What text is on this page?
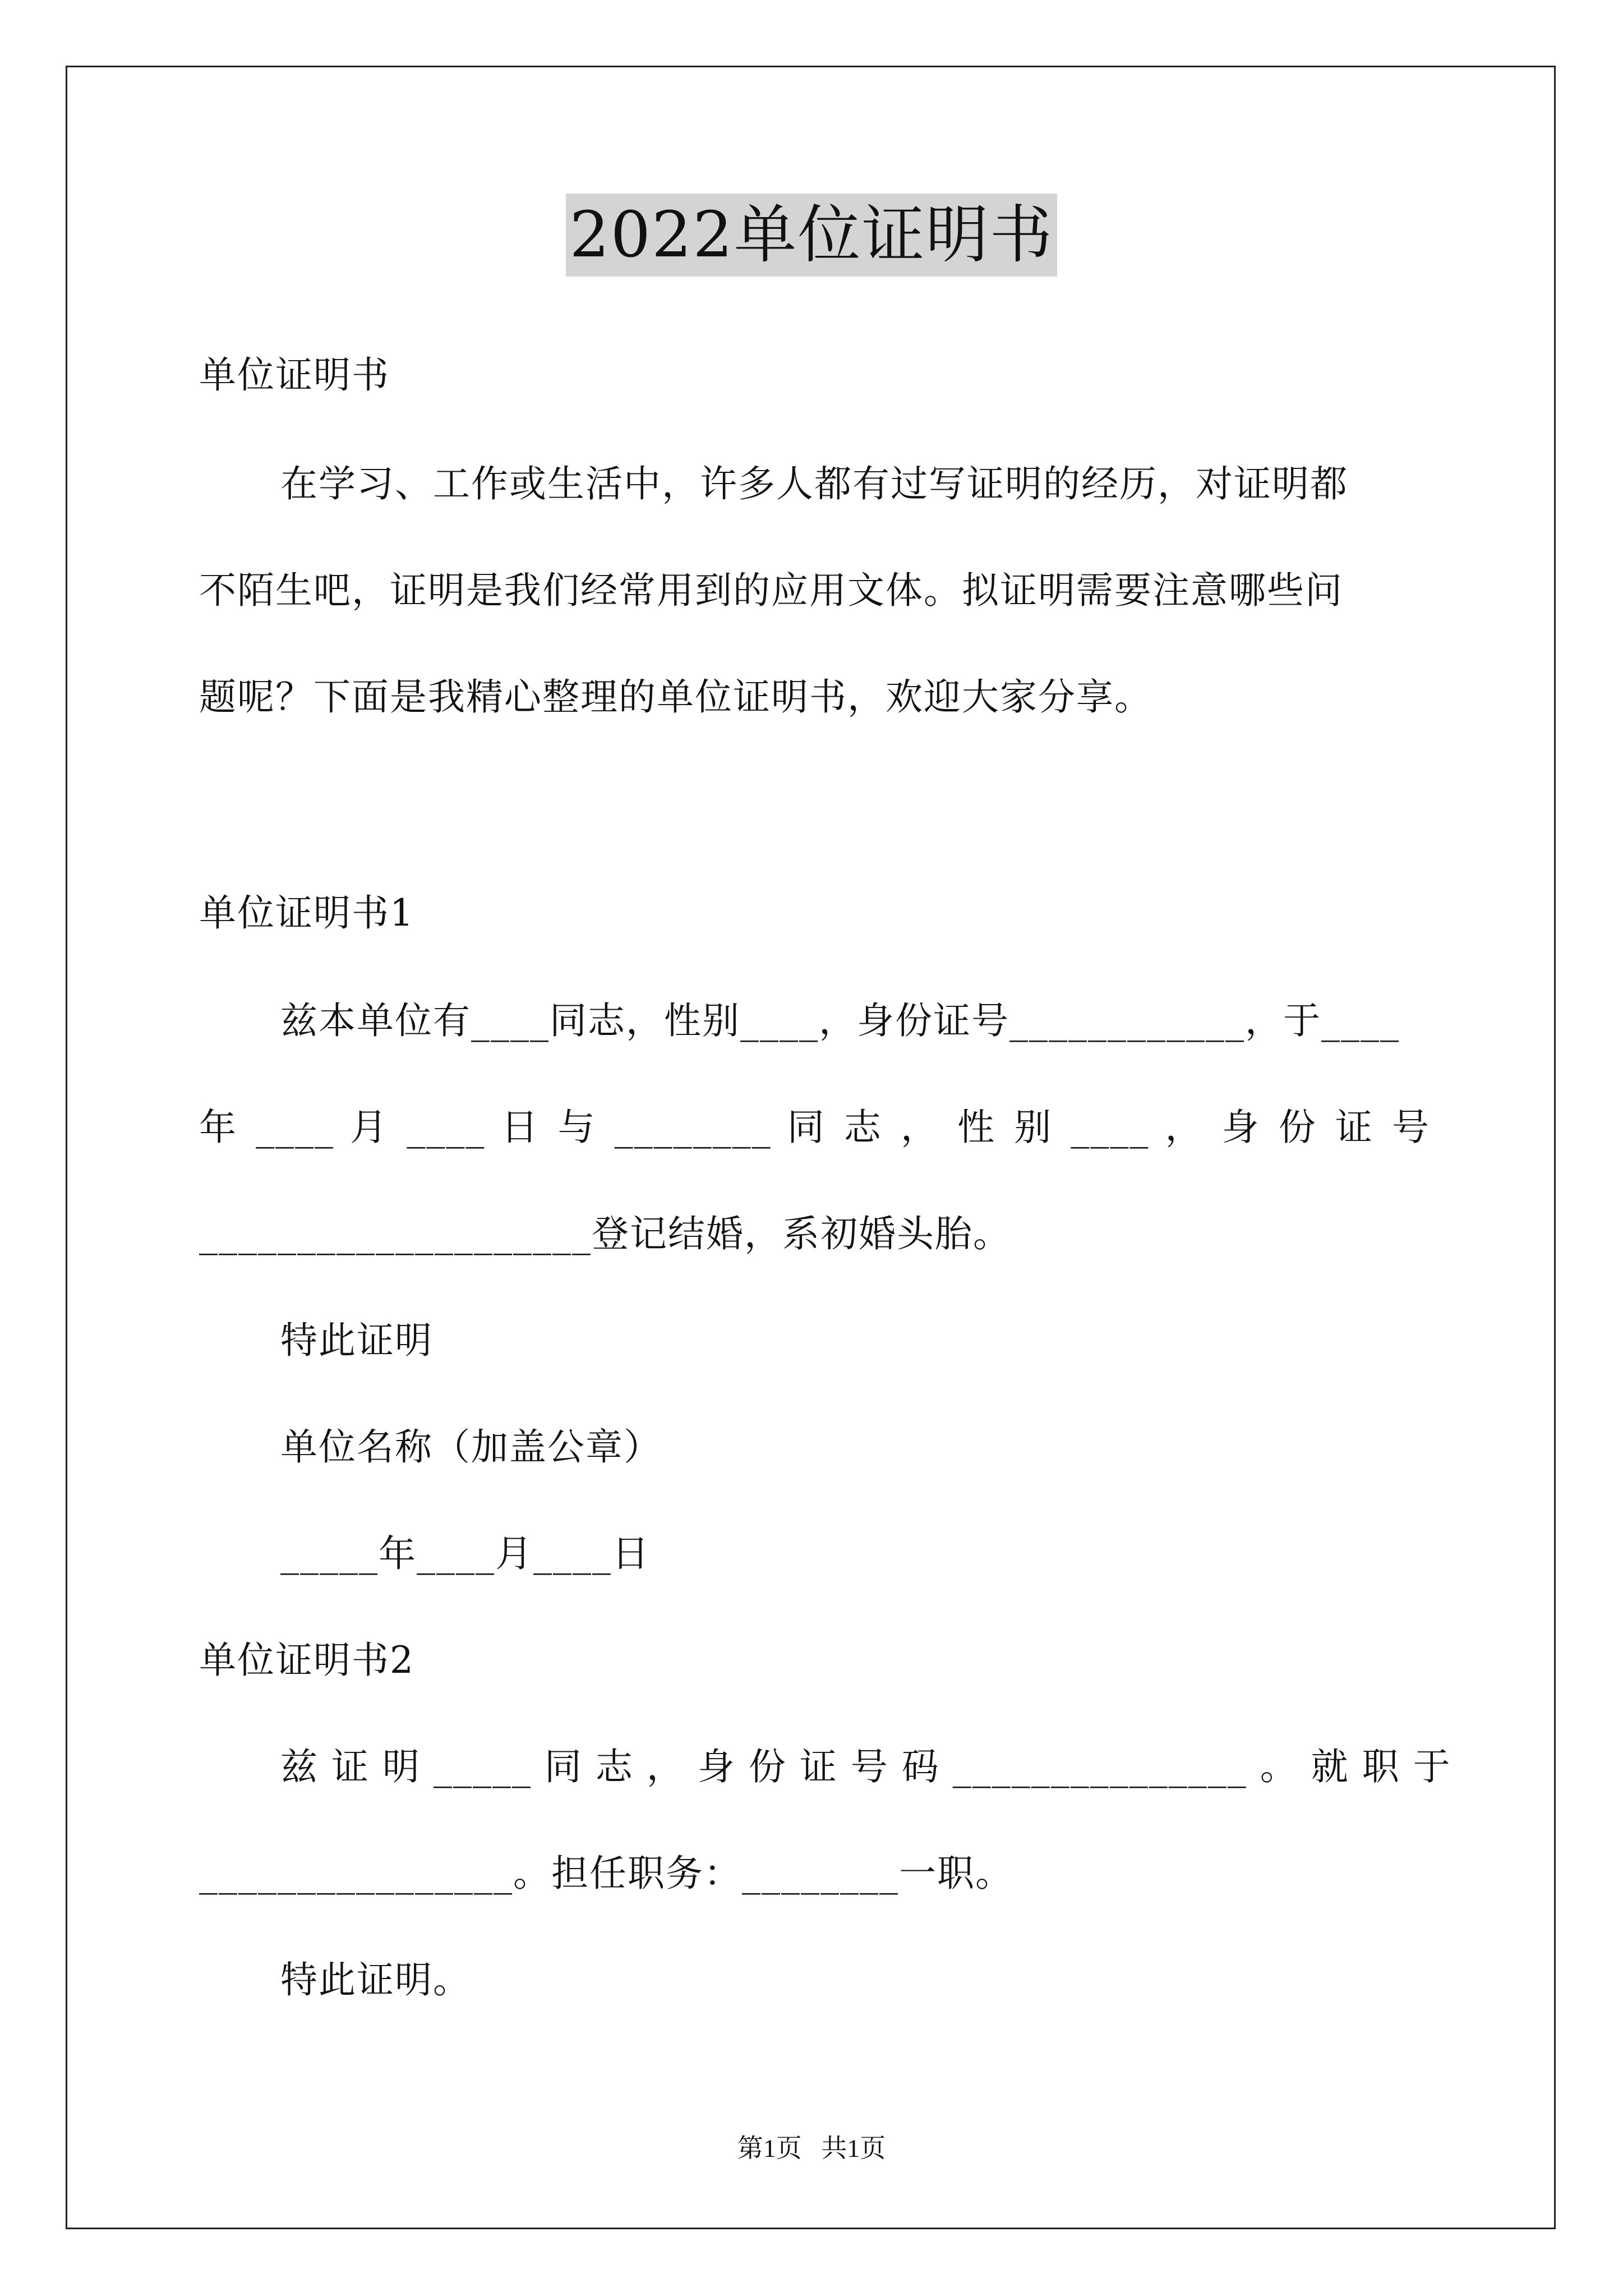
2022单位证明书
单位证明书
在学习、工作或生活中，许多人都有过写证明的经历，对证明都
不陌生吧，证明是我们经常用到的应用文体。拟证明需要注意哪些问
题呢？下面是我精心整理的单位证明书，欢迎大家分享。
单位证明书1
兹本单位有____同志，性别____，身份证号____________，于____
年 ____ 月 ____ 日 与 ________ 同 志 ， 性 别 ____ ， 身 份 证 号
____________________登记结婚，系初婚头胎。
特此证明
单位名称（加盖公章）
_____年____月____日
单位证明书2
兹 证 明 _____ 同 志 ， 身 份 证 号 码 _______________ 。 就 职 于
________________。担任职务：________一职。
特此证明。
第1页   共1页
